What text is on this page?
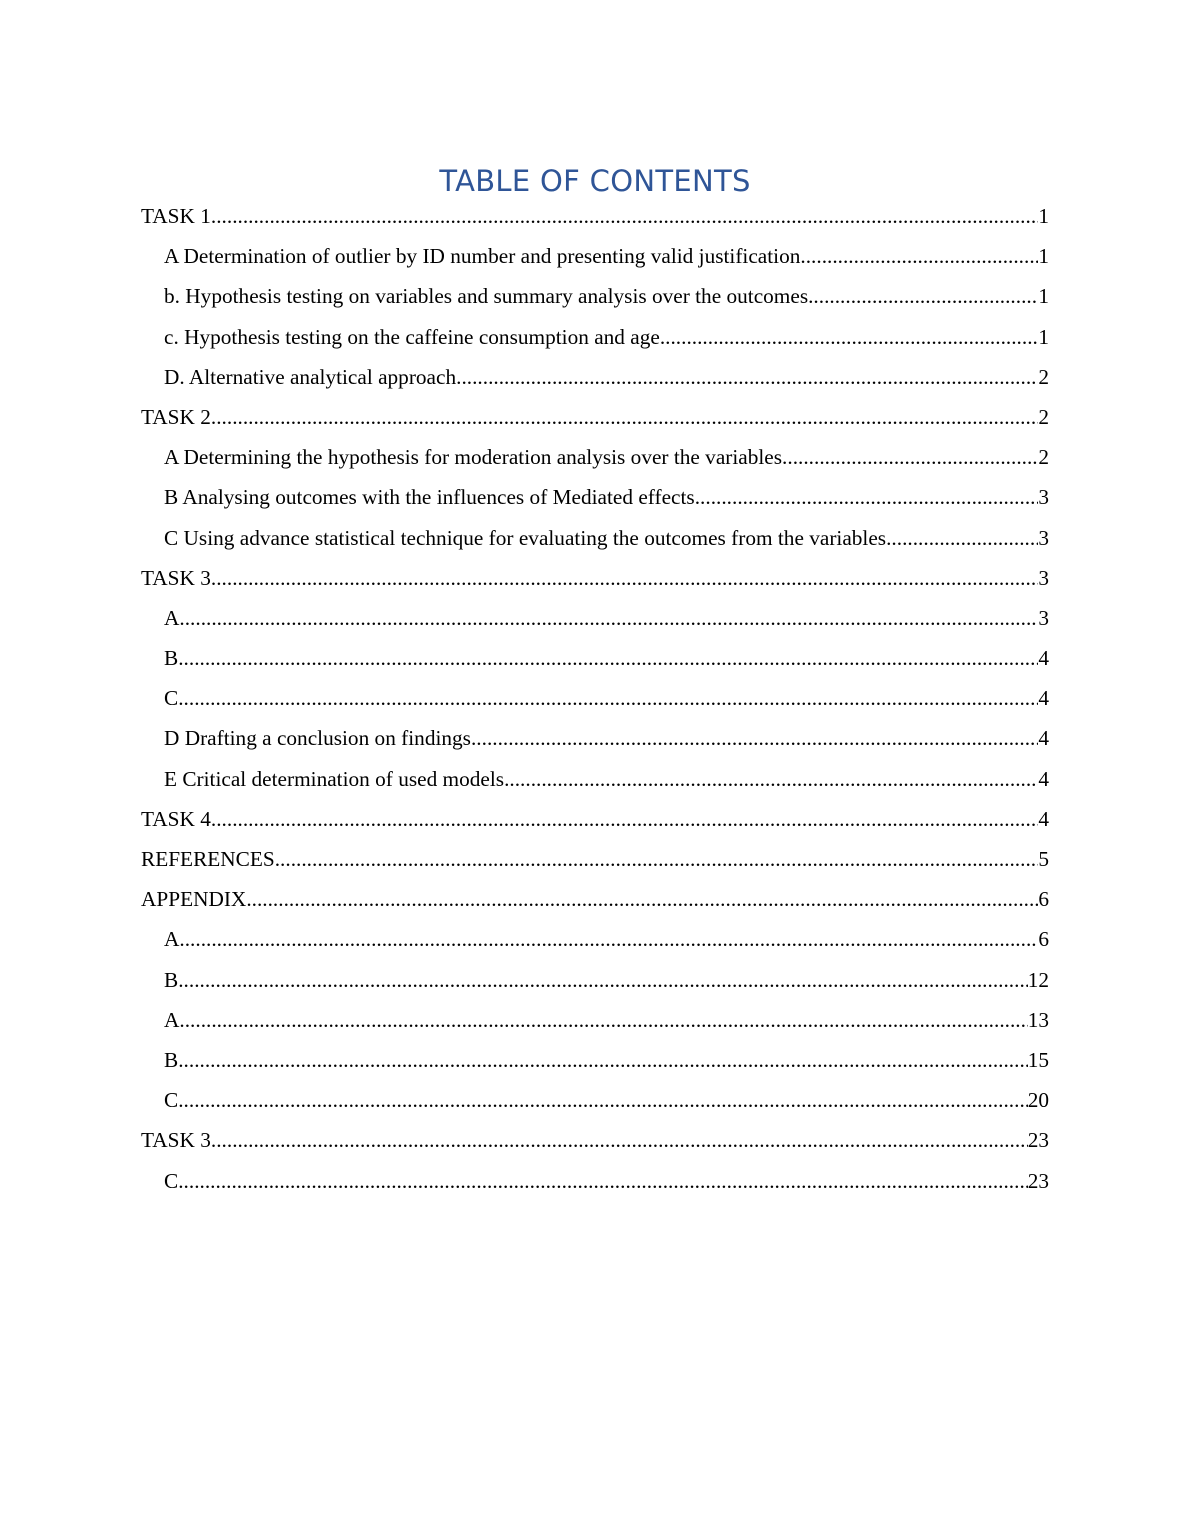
TABLE OF CONTENTS
TASK 1 .....	1
A Determination of outlier by ID number and presenting valid justification .....	1
b. Hypothesis testing on variables and summary analysis over the outcomes .....	1
c. Hypothesis testing on the caffeine consumption and age .....	1
D. Alternative analytical approach .....	2
TASK 2 .....	2
A Determining the hypothesis for moderation analysis over the variables .....	2
B Analysing outcomes with the influences of Mediated effects .....	3
C Using advance statistical technique for evaluating the outcomes from the variables .....	3
TASK 3 .....	3
A .....	3
B .....	4
C .....	4
D Drafting a conclusion on findings .....	4
E Critical determination of used models .....	4
TASK 4 .....	4
REFERENCES .....	5
APPENDIX .....	6
A .....	6
B .....	12
A .....	13
B .....	15
C .....	20
TASK 3 .....	23
C .....	23
